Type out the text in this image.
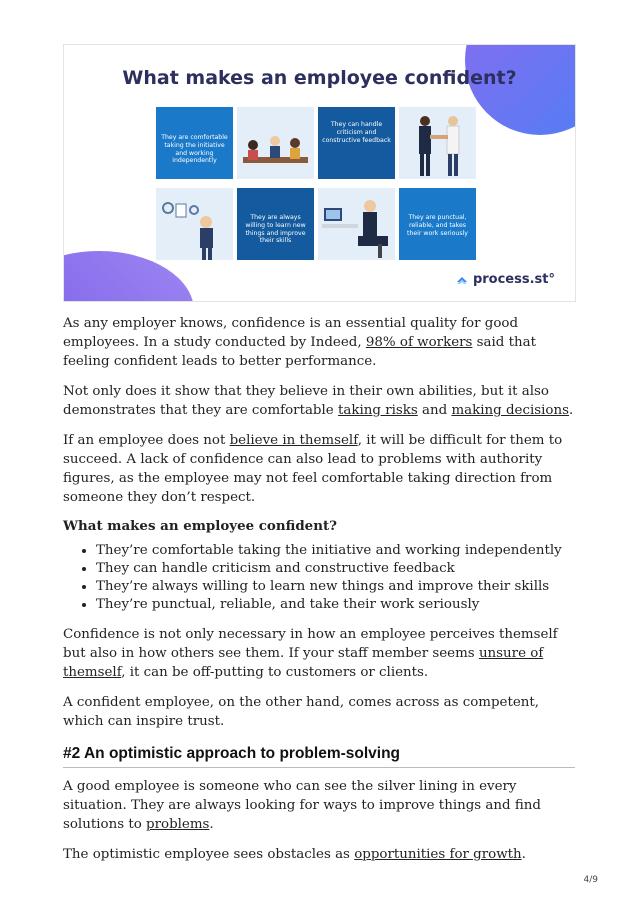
What makes an employee confident?
They are comfortable taking the initiative and working independently
They can handle criticism and constructive feedback
They are always willing to learn new things and improve their skills
They are punctual, reliable, and takes their work seriously
process.st°

As any employer knows, confidence is an essential quality for good employees. In a study conducted by Indeed, 98% of workers said that feeling confident leads to better performance.

Not only does it show that they believe in their own abilities, but it also demonstrates that they are comfortable taking risks and making decisions.

If an employee does not believe in themself, it will be difficult for them to succeed. A lack of confidence can also lead to problems with authority figures, as the employee may not feel comfortable taking direction from someone they don’t respect.

What makes an employee confident?
• They’re comfortable taking the initiative and working independently
• They can handle criticism and constructive feedback
• They’re always willing to learn new things and improve their skills
• They’re punctual, reliable, and take their work seriously

Confidence is not only necessary in how an employee perceives themself but also in how others see them. If your staff member seems unsure of themself, it can be off-putting to customers or clients.

A confident employee, on the other hand, comes across as competent, which can inspire trust.

#2 An optimistic approach to problem-solving

A good employee is someone who can see the silver lining in every situation. They are always looking for ways to improve things and find solutions to problems.

The optimistic employee sees obstacles as opportunities for growth.

4/9
